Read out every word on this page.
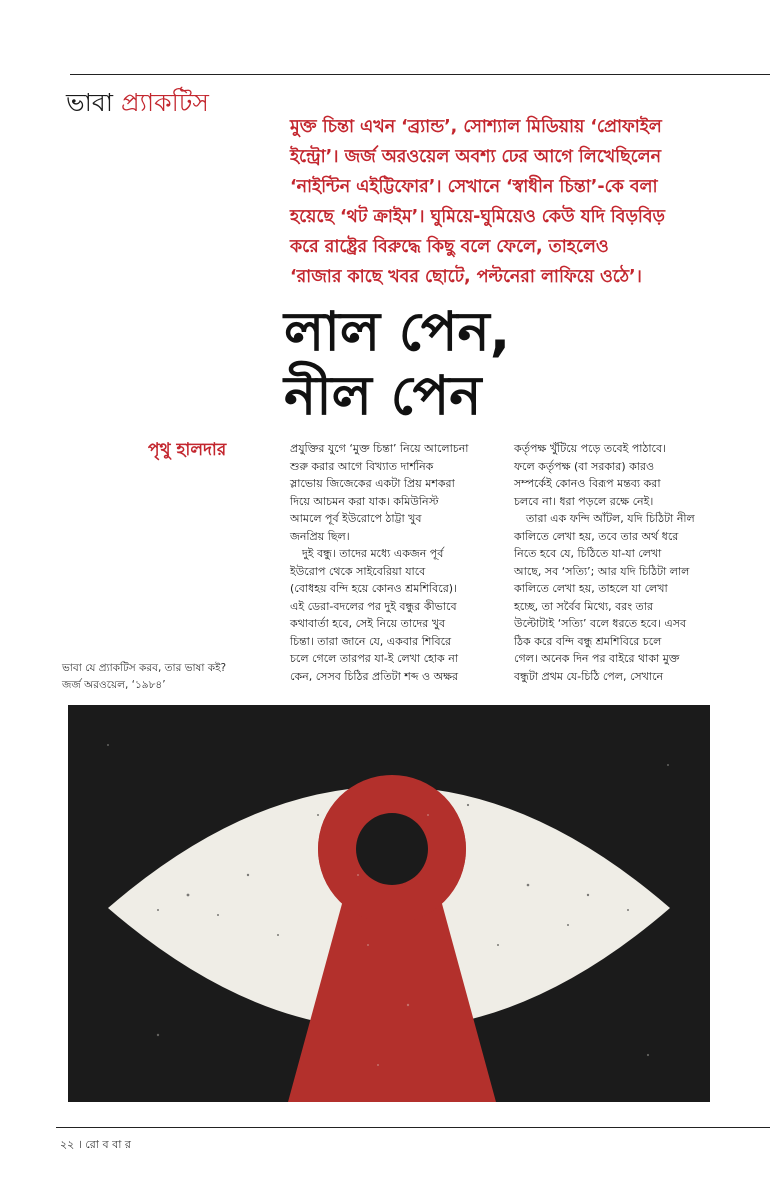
ভাবা প্র্যাকটিস

মুক্ত চিন্তা এখন ‘ব্র্যান্ড’, সোশ্যাল মিডিয়ায় ‘প্রোফাইল

ইন্ট্রো’। জর্জ অরওয়েল অবশ্য ঢের আগে লিখেছিলেন

‘নাইন্টিন এইট্টিফোর’। সেখানে ‘স্বাধীন চিন্তা’-কে বলা

হয়েছে ‘থট ক্রাইম’। ঘুমিয়ে-ঘুমিয়েও কেউ যদি বিড়বিড়

করে রাষ্ট্রের বিরুদ্ধে কিছু বলে ফেলে, তাহলেও

‘রাজার কাছে খবর ছোটে, পল্টনেরা লাফিয়ে ওঠে’।

লাল পেন,
নীল পেন
পৃথু হালদার	প্রযুক্তির যুগে ‘মুক্ত চিন্তা’ নিয়ে আলোচনা

শুরু করার আগে বিখ্যাত দার্শনিক

স্লাভোয় জিজেকের একটা প্রিয় মশকরা

দিয়ে আচমন করা যাক। কমিউনিস্ট

আমলে পূর্ব ইউরোপে ঠাট্টা খুব

জনপ্রিয় ছিল।

দুই বন্ধু। তাদের মধ্যে একজন পূর্ব

ইউরোপ থেকে সাইবেরিয়া যাবে

(বোধহয় বন্দি হয়ে কোনও শ্রমশিবিরে)।

এই ডেরা-বদলের পর দুই বন্ধুর কীভাবে

কথাবার্তা হবে, সেই নিয়ে তাদের খুব

চিন্তা। তারা জানে যে, একবার শিবিরে

চলে গেলে তারপর যা-ই লেখা হোক না

কেন, সেসব চিঠির প্রতিটা শব্দ ও অক্ষর

কর্তৃপক্ষ খুঁটিয়ে পড়ে তবেই পাঠাবে।

ফলে কর্তৃপক্ষ (বা সরকার) কারও

সম্পর্কেই কোনও বিরূপ মন্তব্য করা

চলবে না। ধরা পড়লে রক্ষে নেই।

তারা এক ফন্দি আঁটল, যদি চিঠিটা নীল

কালিতে লেখা হয়, তবে তার অর্থ ধরে

নিতে হবে যে, চিঠিতে যা-যা লেখা

আছে, সব ‘সত্যি’; আর যদি চিঠিটা লাল

কালিতে লেখা হয়, তাহলে যা লেখা

হচ্ছে, তা সর্বৈব মিথ্যে, বরং তার

উল্টোটাই ‘সত্যি’ বলে ধরতে হবে। এসব

ঠিক করে বন্দি বন্ধু শ্রমশিবিরে চলে

গেল। অনেক দিন পর বাইরে থাকা মুক্ত

বন্ধুটা প্রথম যে-চিঠি পেল, সেখানে

ভাবা যে প্র্যাকটিস করব, তার ভাষা কই?

জর্জ অরওয়েল, ‘১৯৮৪’

২২ । রো ব বা র
